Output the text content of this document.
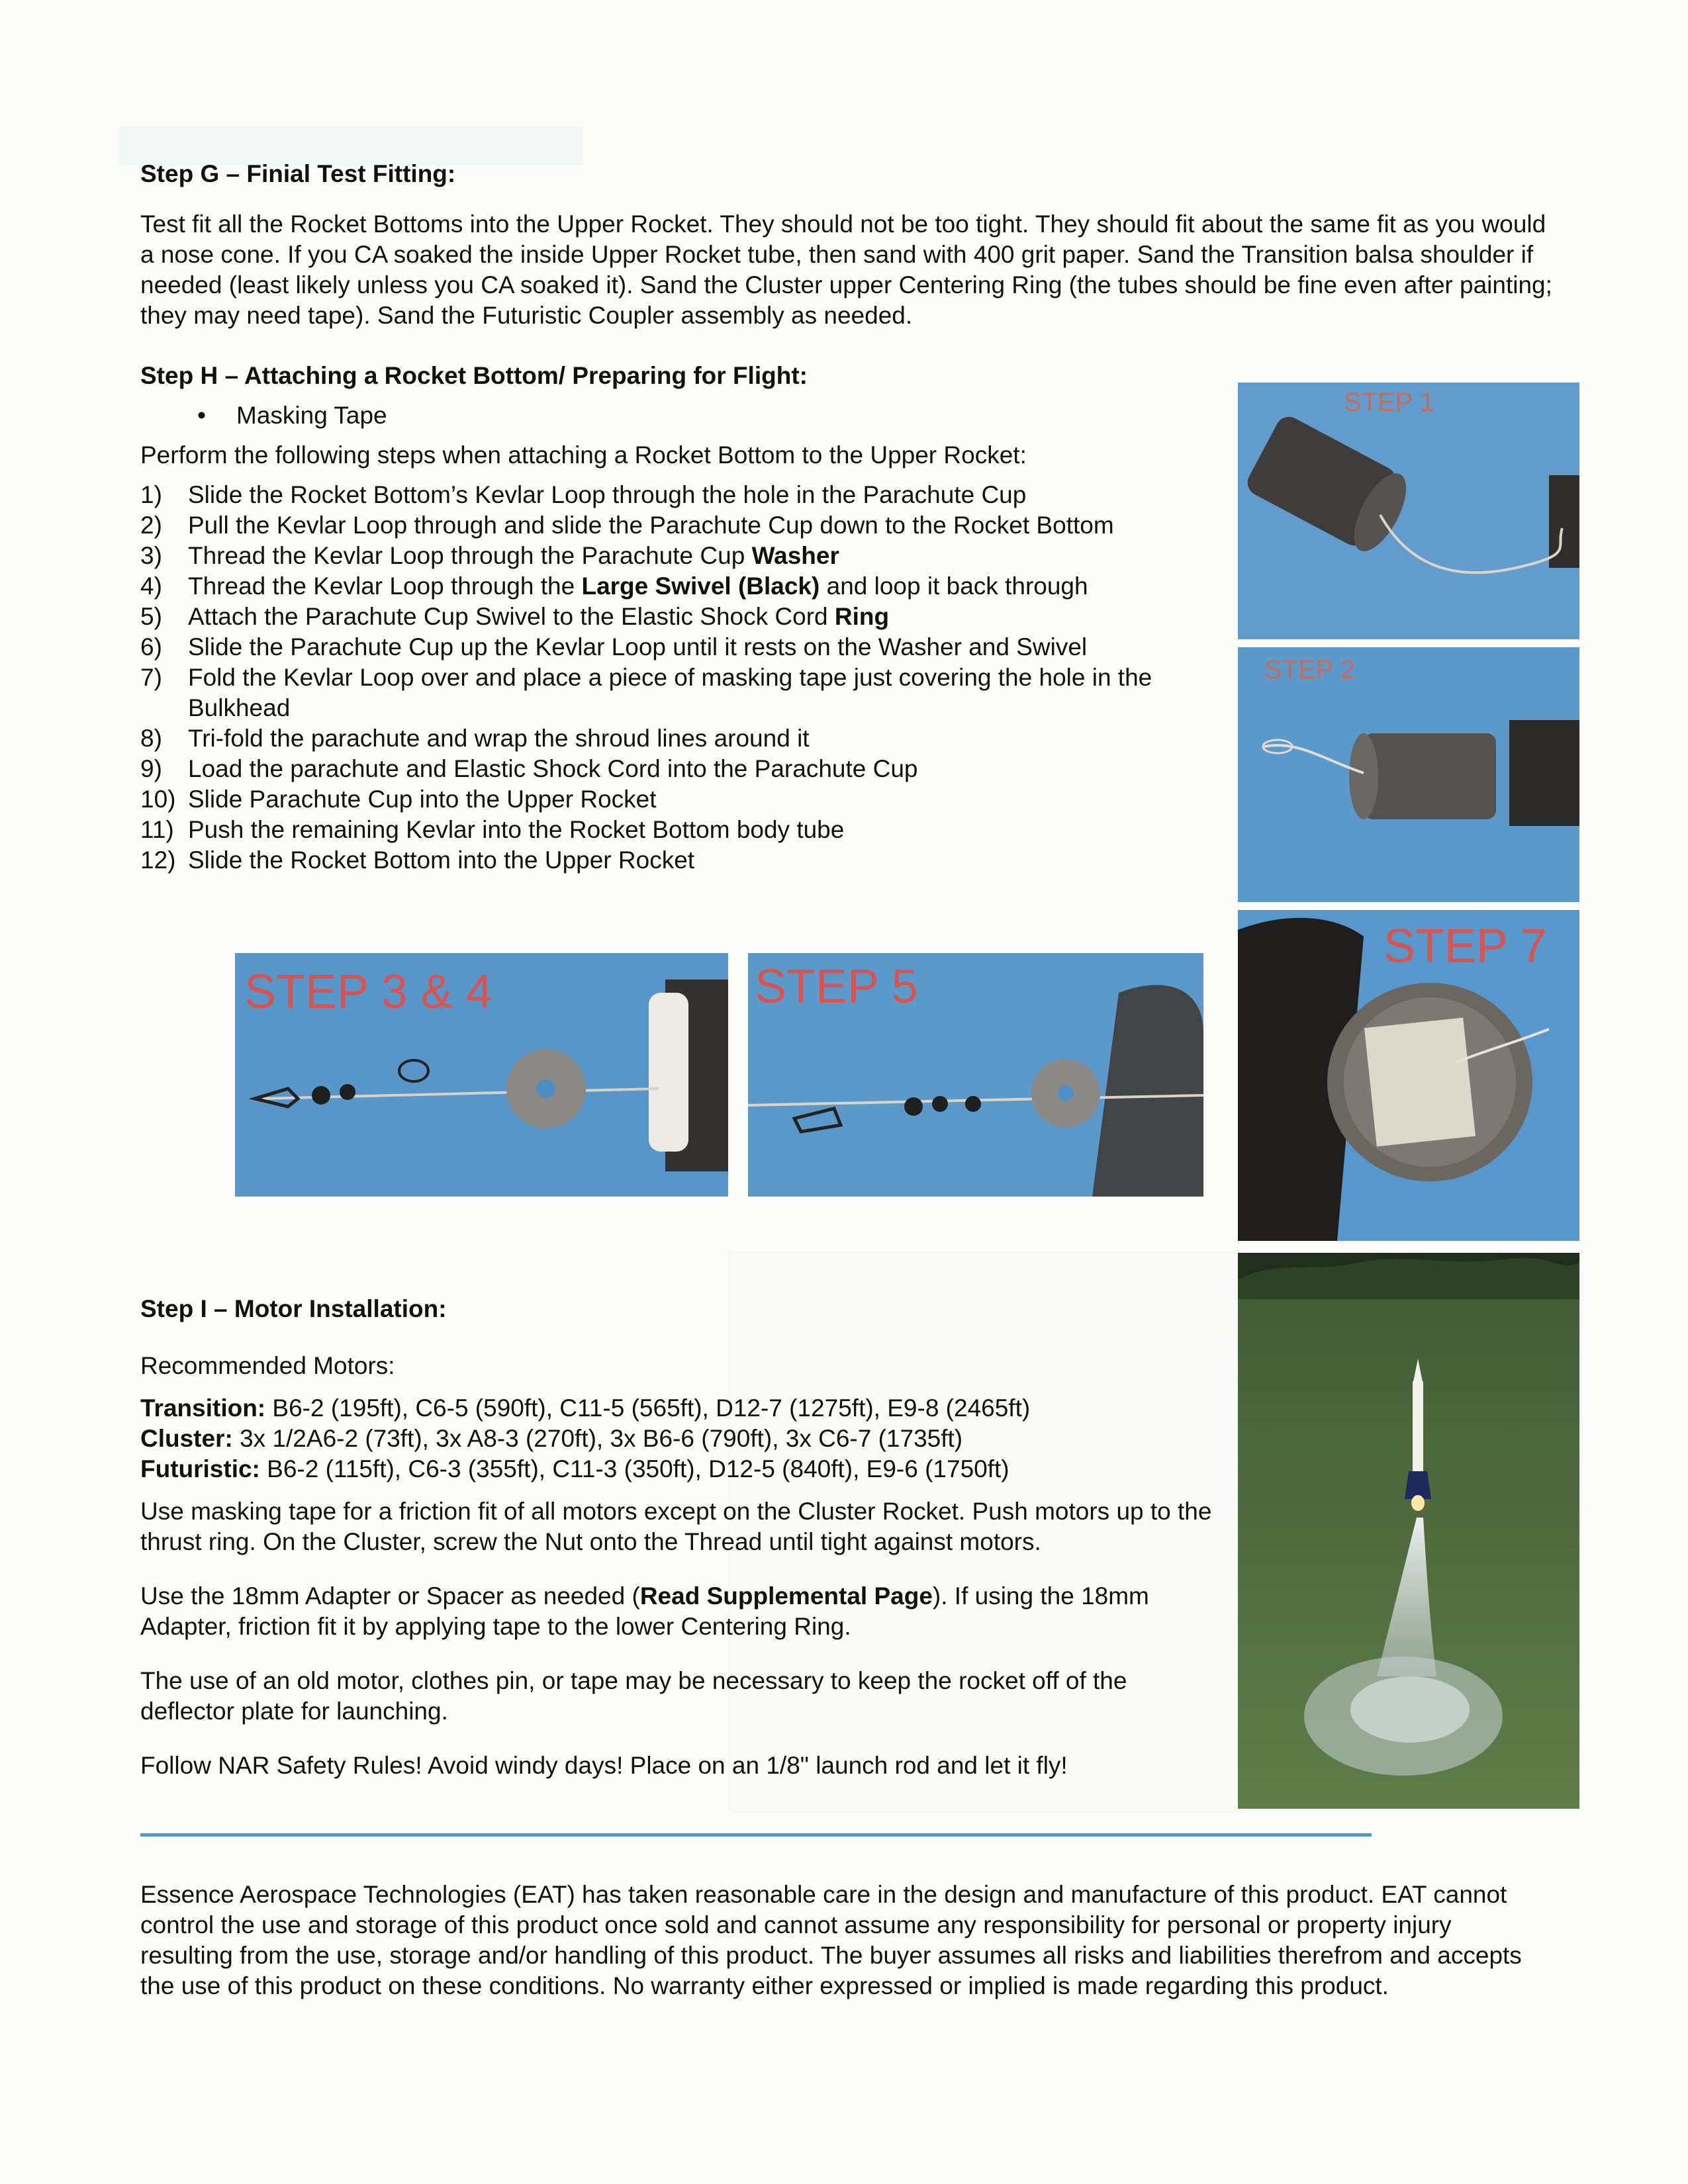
Step G – Finial Test Fitting:
Test fit all the Rocket Bottoms into the Upper Rocket. They should not be too tight. They should fit about the same fit as you would a nose cone. If you CA soaked the inside Upper Rocket tube, then sand with 400 grit paper. Sand the Transition balsa shoulder if needed (least likely unless you CA soaked it). Sand the Cluster upper Centering Ring (the tubes should be fine even after painting; they may need tape). Sand the Futuristic Coupler assembly as needed.
Step H – Attaching a Rocket Bottom/ Preparing for Flight:
• Masking Tape
Perform the following steps when attaching a Rocket Bottom to the Upper Rocket:
1) Slide the Rocket Bottom’s Kevlar Loop through the hole in the Parachute Cup
2) Pull the Kevlar Loop through and slide the Parachute Cup down to the Rocket Bottom
3) Thread the Kevlar Loop through the Parachute Cup Washer
4) Thread the Kevlar Loop through the Large Swivel (Black) and loop it back through
5) Attach the Parachute Cup Swivel to the Elastic Shock Cord Ring
6) Slide the Parachute Cup up the Kevlar Loop until it rests on the Washer and Swivel
7) Fold the Kevlar Loop over and place a piece of masking tape just covering the hole in the Bulkhead
8) Tri-fold the parachute and wrap the shroud lines around it
9) Load the parachute and Elastic Shock Cord into the Parachute Cup
10) Slide Parachute Cup into the Upper Rocket
11) Push the remaining Kevlar into the Rocket Bottom body tube
12) Slide the Rocket Bottom into the Upper Rocket
STEP 1
STEP 2
STEP 7
STEP 3 & 4	STEP 5
Step I – Motor Installation:
Recommended Motors:
Transition: B6-2 (195ft), C6-5 (590ft), C11-5 (565ft), D12-7 (1275ft), E9-8 (2465ft)
Cluster: 3x 1/2A6-2 (73ft), 3x A8-3 (270ft), 3x B6-6 (790ft), 3x C6-7 (1735ft)
Futuristic: B6-2 (115ft), C6-3 (355ft), C11-3 (350ft), D12-5 (840ft), E9-6 (1750ft)
Use masking tape for a friction fit of all motors except on the Cluster Rocket. Push motors up to the thrust ring. On the Cluster, screw the Nut onto the Thread until tight against motors.
Use the 18mm Adapter or Spacer as needed (Read Supplemental Page). If using the 18mm Adapter, friction fit it by applying tape to the lower Centering Ring.
The use of an old motor, clothes pin, or tape may be necessary to keep the rocket off of the deflector plate for launching.
Follow NAR Safety Rules! Avoid windy days! Place on an 1/8" launch rod and let it fly!
Essence Aerospace Technologies (EAT) has taken reasonable care in the design and manufacture of this product. EAT cannot control the use and storage of this product once sold and cannot assume any responsibility for personal or property injury resulting from the use, storage and/or handling of this product. The buyer assumes all risks and liabilities therefrom and accepts the use of this product on these conditions. No warranty either expressed or implied is made regarding this product.
